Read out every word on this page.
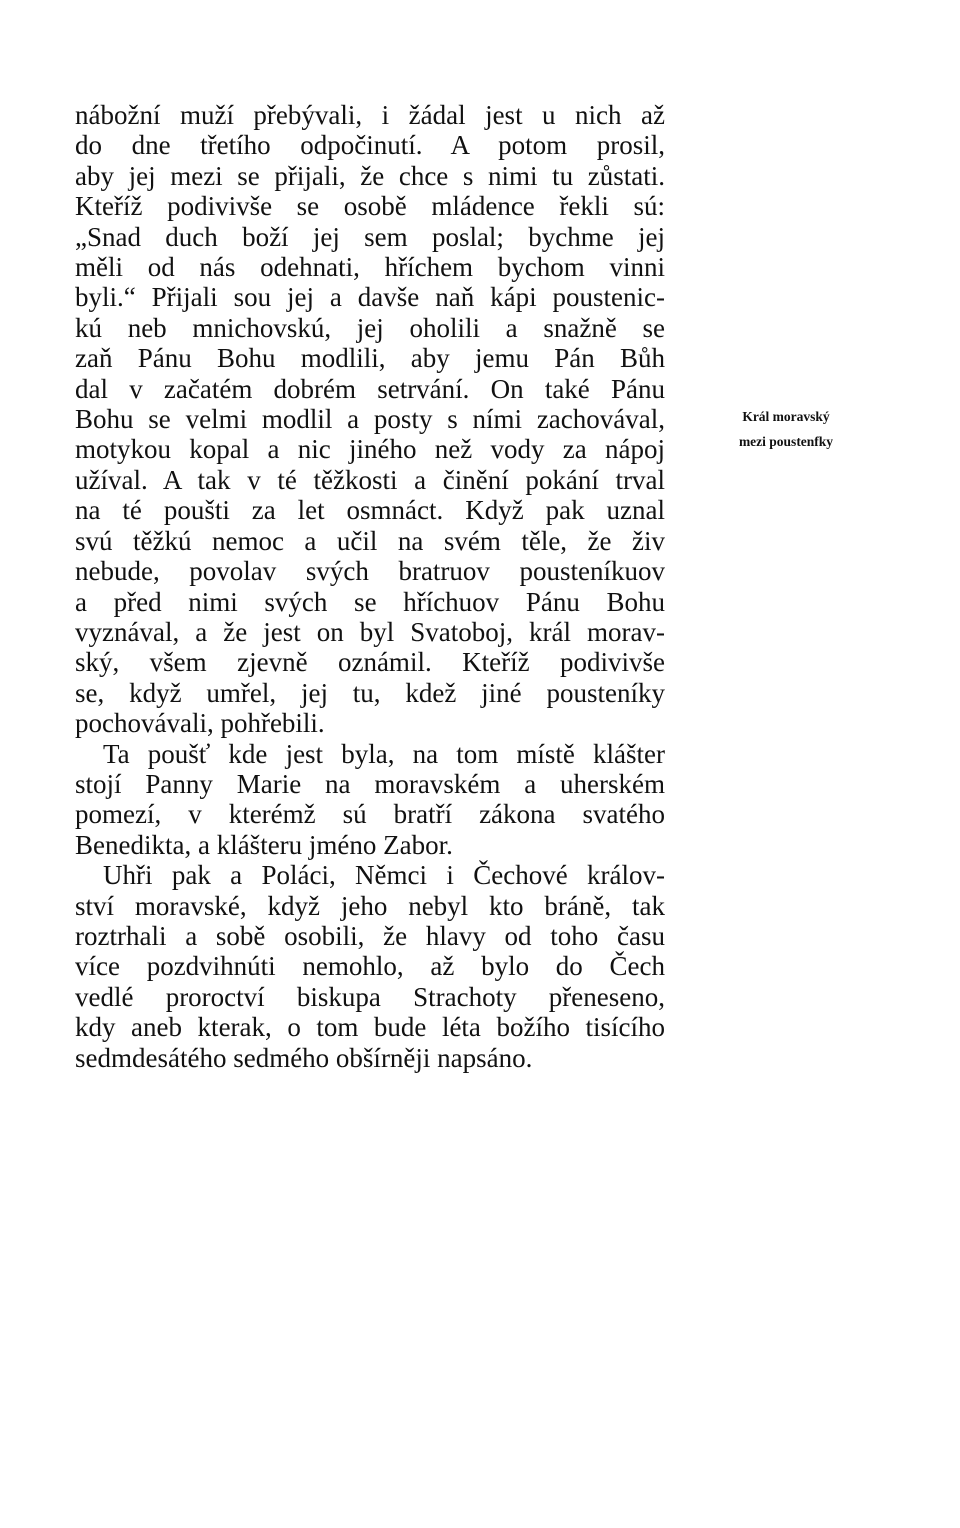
nábožní muží přebývali, i žádal jest u nich až
do dne třetího odpočinutí. A potom prosil,
aby jej mezi se přijali, že chce s nimi tu zůstati.
Kteříž podivivše se osobě mládence řekli sú:
„Snad duch boží jej sem poslal; bychme jej
měli od nás odehnati, hříchem bychom vinni
byli.“ Přijali sou jej a davše naň kápi poustenic-
kú neb mnichovskú, jej oholili a snažně se
zaň Pánu Bohu modlili, aby jemu Pán Bůh
dal v začatém dobrém setrvání. On také Pánu
Bohu se velmi modlil a posty s ními zachovával,
motykou kopal a nic jiného než vody za nápoj
užíval. A tak v té těžkosti a činění pokání trval
na té poušti za let osmnáct. Když pak uznal
svú těžkú nemoc a učil na svém těle, že živ
nebude, povolav svých bratruov pousteníkuov
a před nimi svých se hříchuov Pánu Bohu
vyznával, a že jest on byl Svatoboj, král morav-
ský, všem zjevně oznámil. Kteříž podivivše
se, když umřel, jej tu, kdež jiné pousteníky
pochovávali, pohřebili.

Ta poušť kde jest byla, na tom místě klášter
stojí Panny Marie na moravském a uherském
pomezí, v kterémž sú bratří zákona svatého
Benedikta, a klášteru jméno Zabor.

Uhři pak a Poláci, Němci i Čechové králov-
ství moravské, když jeho nebyl kto bráně, tak
roztrhali a sobě osobili, že hlavy od toho času
více pozdvihnúti nemohlo, až bylo do Čech
vedlé proroctví biskupa Strachoty přeneseno,
kdy aneb kterak, o tom bude léta božího tisícího
sedmdesátého sedmého obšírněji napsáno.

Král moravský
mezi poustenfky
